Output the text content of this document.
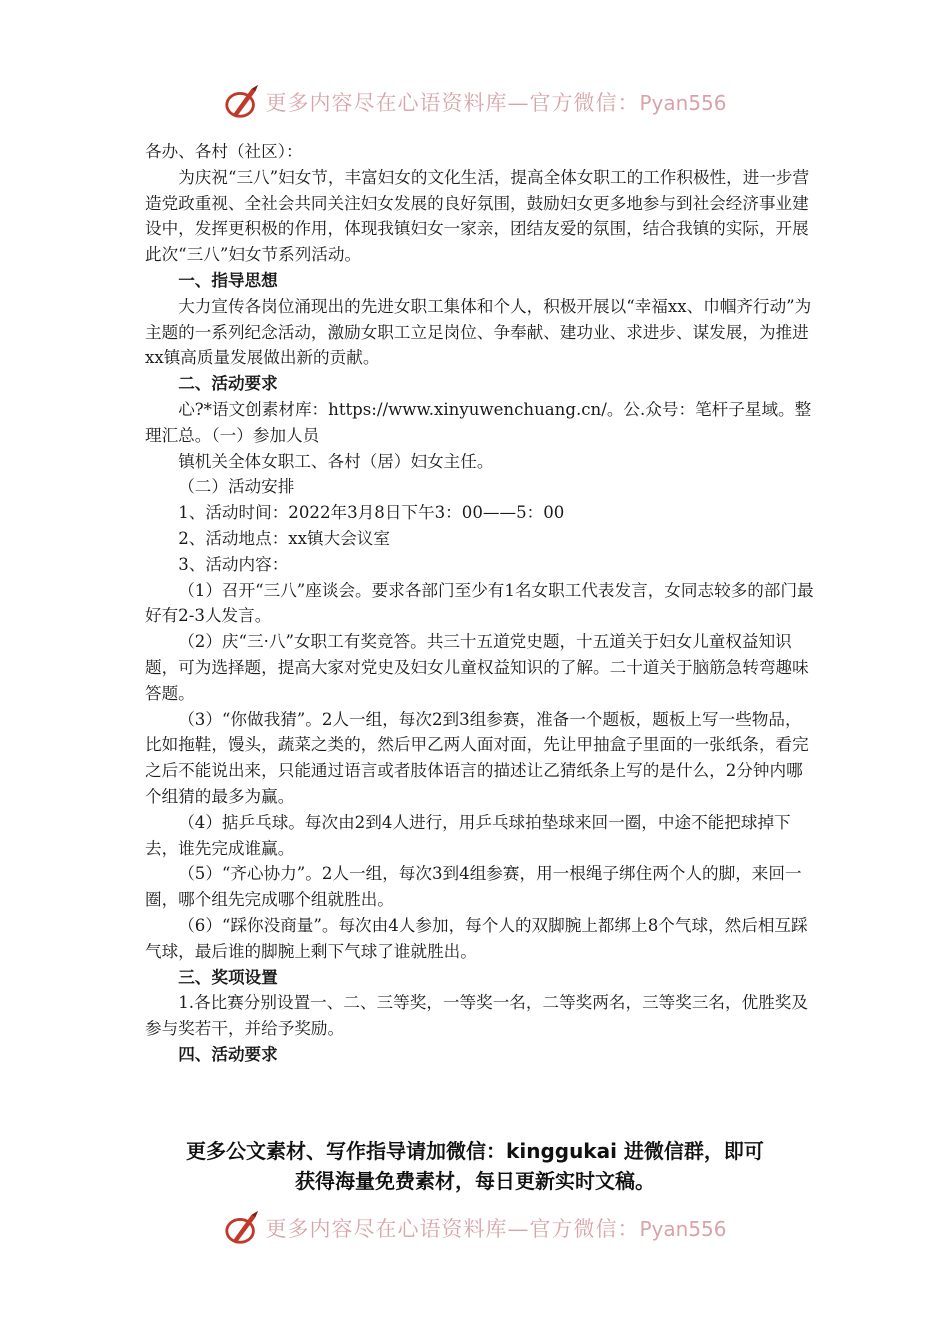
更多内容尽在心语资料库—官方微信：Pyan556

各办、各村（社区）：

为庆祝“三八”妇女节，丰富妇女的文化生活，提高全体女职工的工作积极性，进一步营造党政重视、全社会共同关注妇女发展的良好氛围，鼓励妇女更多地参与到社会经济事业建设中，发挥更积极的作用，体现我镇妇女一家亲，团结友爱的氛围，结合我镇的实际，开展此次“三八”妇女节系列活动。

一、指导思想

大力宣传各岗位涌现出的先进女职工集体和个人，积极开展以“幸福xx、巾帼齐行动”为主题的一系列纪念活动，激励女职工立足岗位、争奉献、建功业、求进步、谋发展，为推进xx镇高质量发展做出新的贡献。

二、活动要求

心?*语文创素材库：https://www.xinyuwenchuang.cn/。公.众号：笔杆子星域。整理汇总。（一）参加人员

镇机关全体女职工、各村（居）妇女主任。

（二）活动安排

1、活动时间：2022年3月8日下午3：00——5：00

2、活动地点：xx镇大会议室

3、活动内容：

（1）召开“三八”座谈会。要求各部门至少有1名女职工代表发言，女同志较多的部门最好有2-3人发言。

（2）庆“三·八”女职工有奖竞答。共三十五道党史题，十五道关于妇女儿童权益知识题，可为选择题，提高大家对党史及妇女儿童权益知识的了解。二十道关于脑筋急转弯趣味答题。

（3）“你做我猜”。2人一组，每次2到3组参赛，准备一个题板，题板上写一些物品，比如拖鞋，馒头，蔬菜之类的，然后甲乙两人面对面，先让甲抽盒子里面的一张纸条，看完之后不能说出来，只能通过语言或者肢体语言的描述让乙猜纸条上写的是什么，2分钟内哪个组猜的最多为赢。

（4）掂乒乓球。每次由2到4人进行，用乒乓球拍垫球来回一圈，中途不能把球掉下去，谁先完成谁赢。

（5）“齐心协力”。2人一组，每次3到4组参赛，用一根绳子绑住两个人的脚，来回一圈，哪个组先完成哪个组就胜出。

（6）“踩你没商量”。每次由4人参加，每个人的双脚腕上都绑上8个气球，然后相互踩气球，最后谁的脚腕上剩下气球了谁就胜出。

三、奖项设置

1.各比赛分别设置一、二、三等奖，一等奖一名，二等奖两名，三等奖三名，优胜奖及参与奖若干，并给予奖励。

四、活动要求

更多公文素材、写作指导请加微信：kinggukai 进微信群，即可

获得海量免费素材，每日更新实时文稿。

更多内容尽在心语资料库—官方微信：Pyan556
